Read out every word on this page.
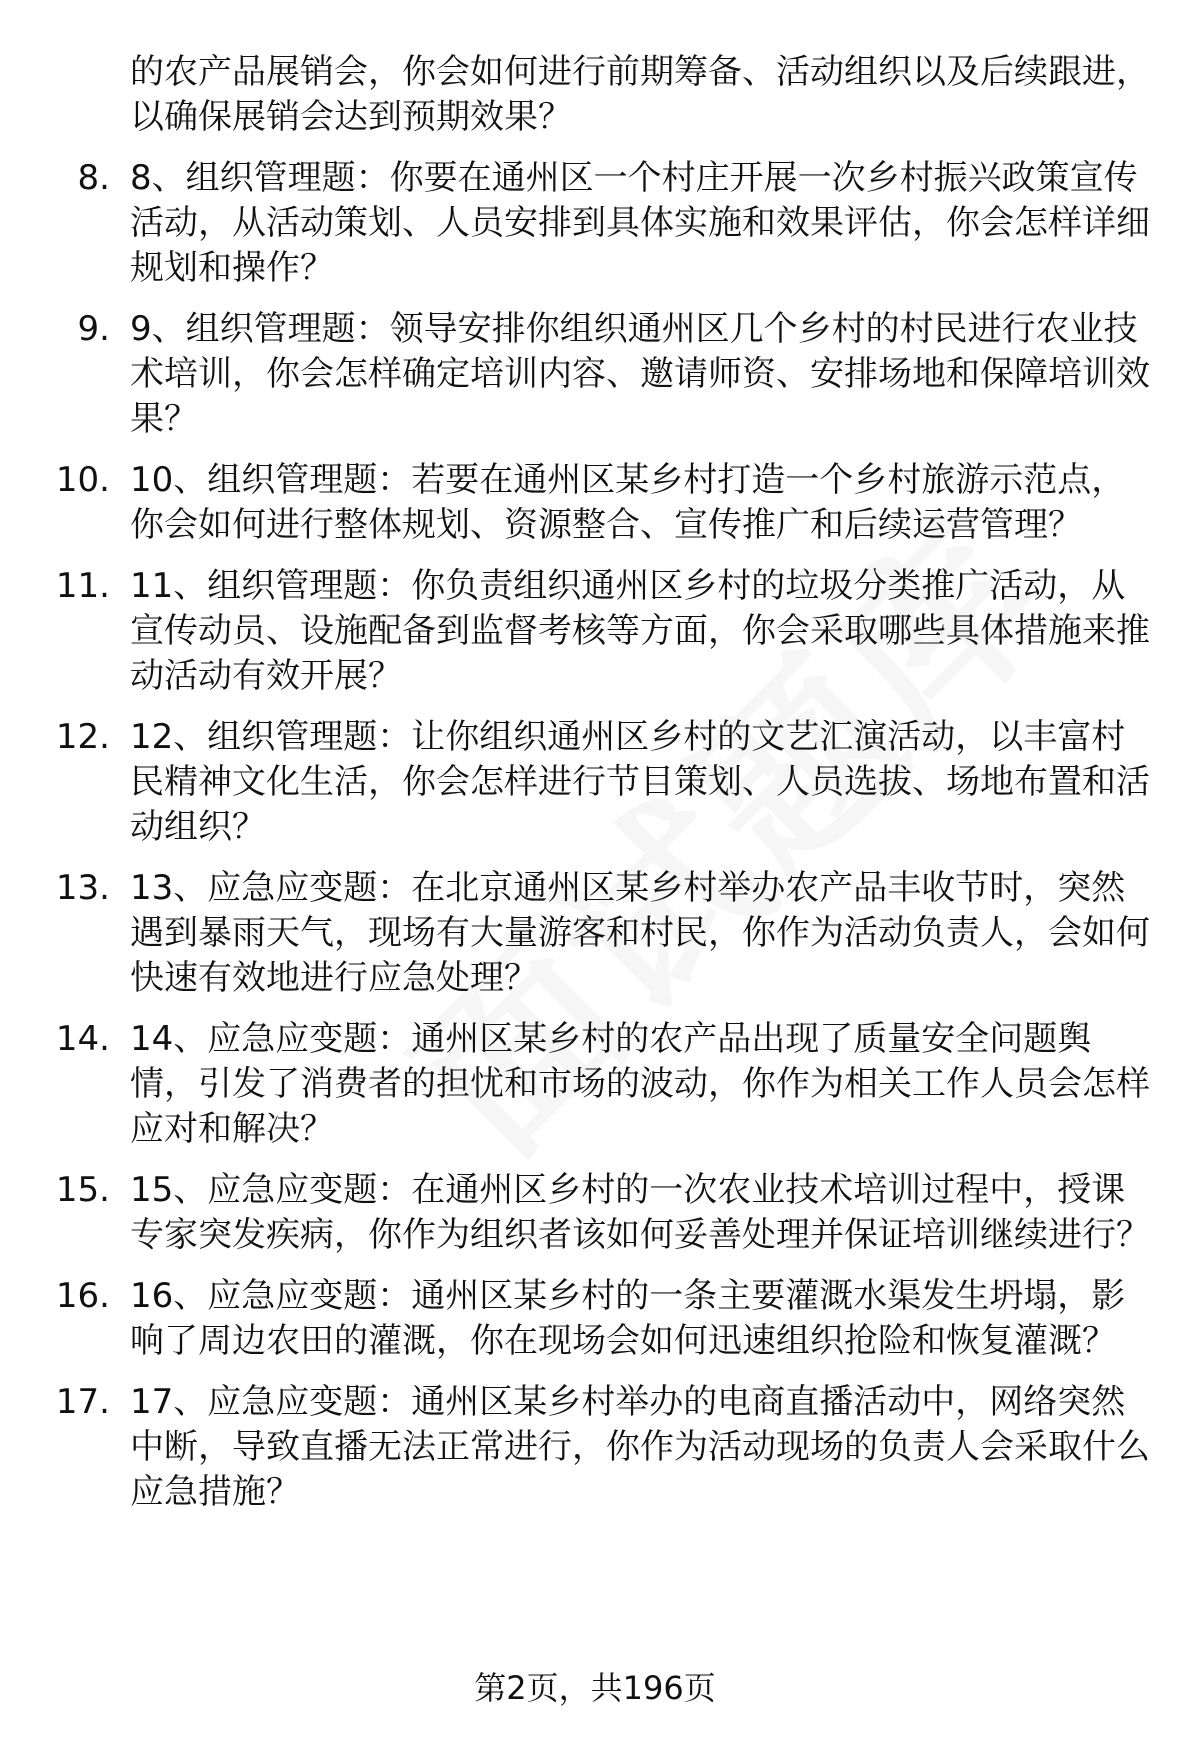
的农产品展销会，你会如何进行前期筹备、活动组织以及后续跟进，以确保展销会达到预期效果？
8. 8、组织管理题：你要在通州区一个村庄开展一次乡村振兴政策宣传活动，从活动策划、人员安排到具体实施和效果评估，你会怎样详细规划和操作？
9. 9、组织管理题：领导安排你组织通州区几个乡村的村民进行农业技术培训，你会怎样确定培训内容、邀请师资、安排场地和保障培训效果？
10. 10、组织管理题：若要在通州区某乡村打造一个乡村旅游示范点，你会如何进行整体规划、资源整合、宣传推广和后续运营管理？
11. 11、组织管理题：你负责组织通州区乡村的垃圾分类推广活动，从宣传动员、设施配备到监督考核等方面，你会采取哪些具体措施来推动活动有效开展？
12. 12、组织管理题：让你组织通州区乡村的文艺汇演活动，以丰富村民精神文化生活，你会怎样进行节目策划、人员选拔、场地布置和活动组织？
13. 13、应急应变题：在北京通州区某乡村举办农产品丰收节时，突然遇到暴雨天气，现场有大量游客和村民，你作为活动负责人，会如何快速有效地进行应急处理？
14. 14、应急应变题：通州区某乡村的农产品出现了质量安全问题舆情，引发了消费者的担忧和市场的波动，你作为相关工作人员会怎样应对和解决？
15. 15、应急应变题：在通州区乡村的一次农业技术培训过程中，授课专家突发疾病，你作为组织者该如何妥善处理并保证培训继续进行？
16. 16、应急应变题：通州区某乡村的一条主要灌溉水渠发生坍塌，影响了周边农田的灌溉，你在现场会如何迅速组织抢险和恢复灌溉？
17. 17、应急应变题：通州区某乡村举办的电商直播活动中，网络突然中断，导致直播无法正常进行，你作为活动现场的负责人会采取什么应急措施？
第2页，共196页
